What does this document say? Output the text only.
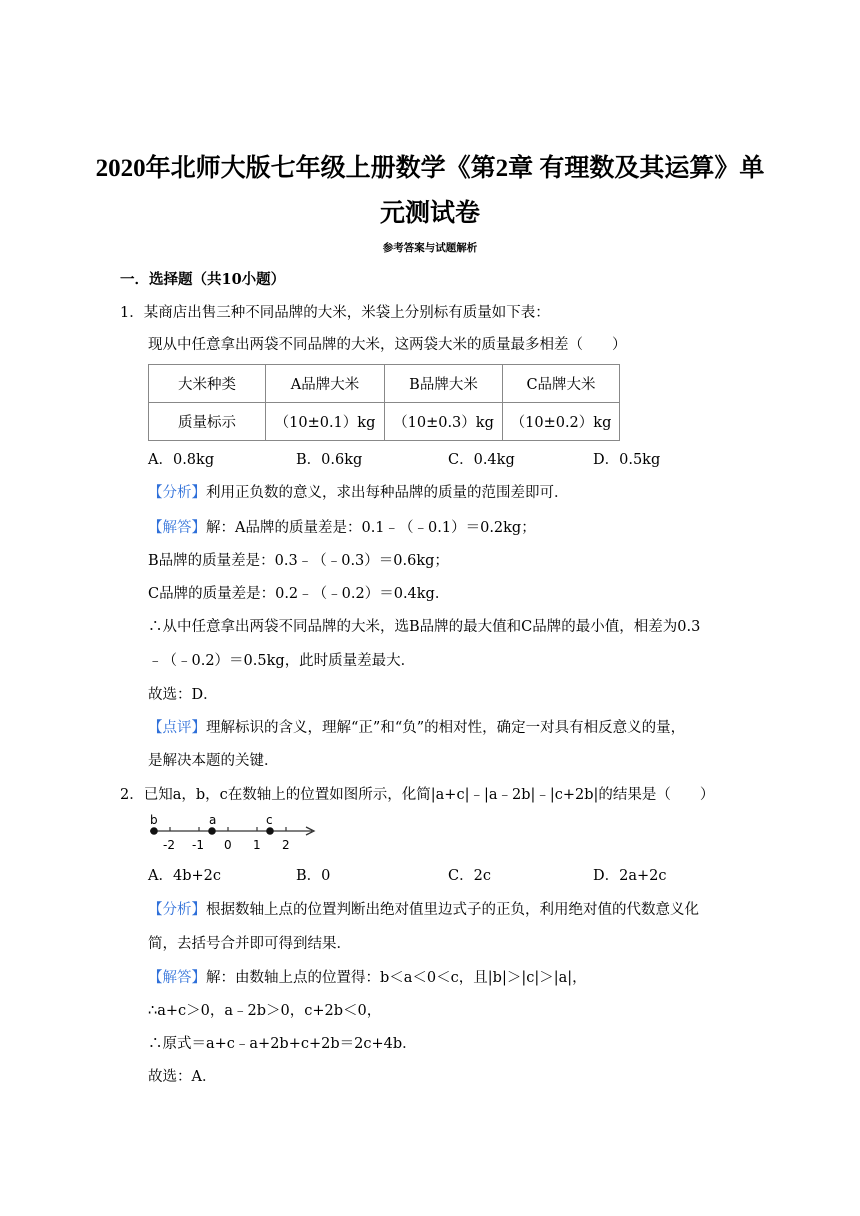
2020年北师大版七年级上册数学《第2章 有理数及其运算》单
元测试卷
参考答案与试题解析
一．选择题（共10小题）
1．某商店出售三种不同品牌的大米，米袋上分别标有质量如下表：
现从中任意拿出两袋不同品牌的大米，这两袋大米的质量最多相差（　　）
大米种类	A品牌大米	B品牌大米	C品牌大米
质量标示	（10±0.1）kg	（10±0.3）kg	（10±0.2）kg
A．0.8kg	B．0.6kg	C．0.4kg	D．0.5kg
【分析】利用正负数的意义，求出每种品牌的质量的范围差即可．
【解答】解：A品牌的质量差是：0.1﹣（﹣0.1）＝0.2kg；
B品牌的质量差是：0.3﹣（﹣0.3）＝0.6kg；
C品牌的质量差是：0.2﹣（﹣0.2）＝0.4kg．
∴从中任意拿出两袋不同品牌的大米，选B品牌的最大值和C品牌的最小值，相差为0.3
﹣（﹣0.2）＝0.5kg，此时质量差最大．
故选：D．
【点评】理解标识的含义，理解“正”和“负”的相对性，确定一对具有相反意义的量，
是解决本题的关键．
2．已知a，b，c在数轴上的位置如图所示，化简|a+c|﹣|a﹣2b|﹣|c+2b|的结果是（　　）
b	a	c
-2 -1 0 1 2
A．4b+2c	B．0	C．2c	D．2a+2c
【分析】根据数轴上点的位置判断出绝对值里边式子的正负，利用绝对值的代数意义化
简，去括号合并即可得到结果．
【解答】解：由数轴上点的位置得：b＜a＜0＜c，且|b|＞|c|＞|a|，
∴a+c＞0，a﹣2b＞0，c+2b＜0，
∴原式＝a+c﹣a+2b+c+2b＝2c+4b．
故选：A．
